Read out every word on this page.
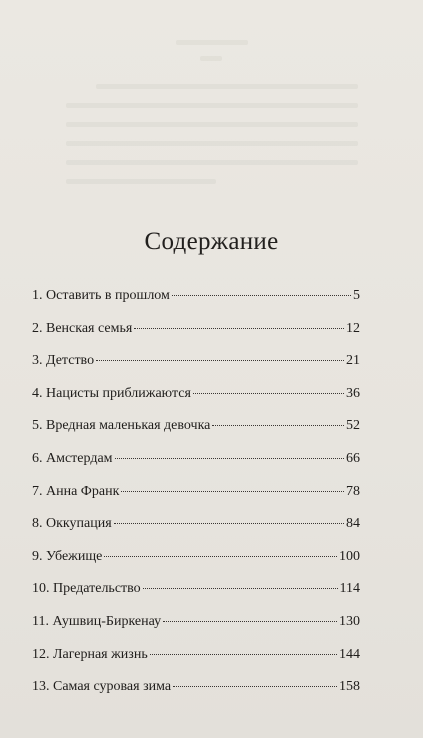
Содержание
1. Оставить в прошлом	5
2. Венская семья	12
3. Детство	21
4. Нацисты приближаются	36
5. Вредная маленькая девочка	52
6. Амстердам	66
7. Анна Франк	78
8. Оккупация	84
9. Убежище	100
10. Предательство	114
11. Аушвиц-Биркенау	130
12. Лагерная жизнь	144
13. Самая суровая зима	158
